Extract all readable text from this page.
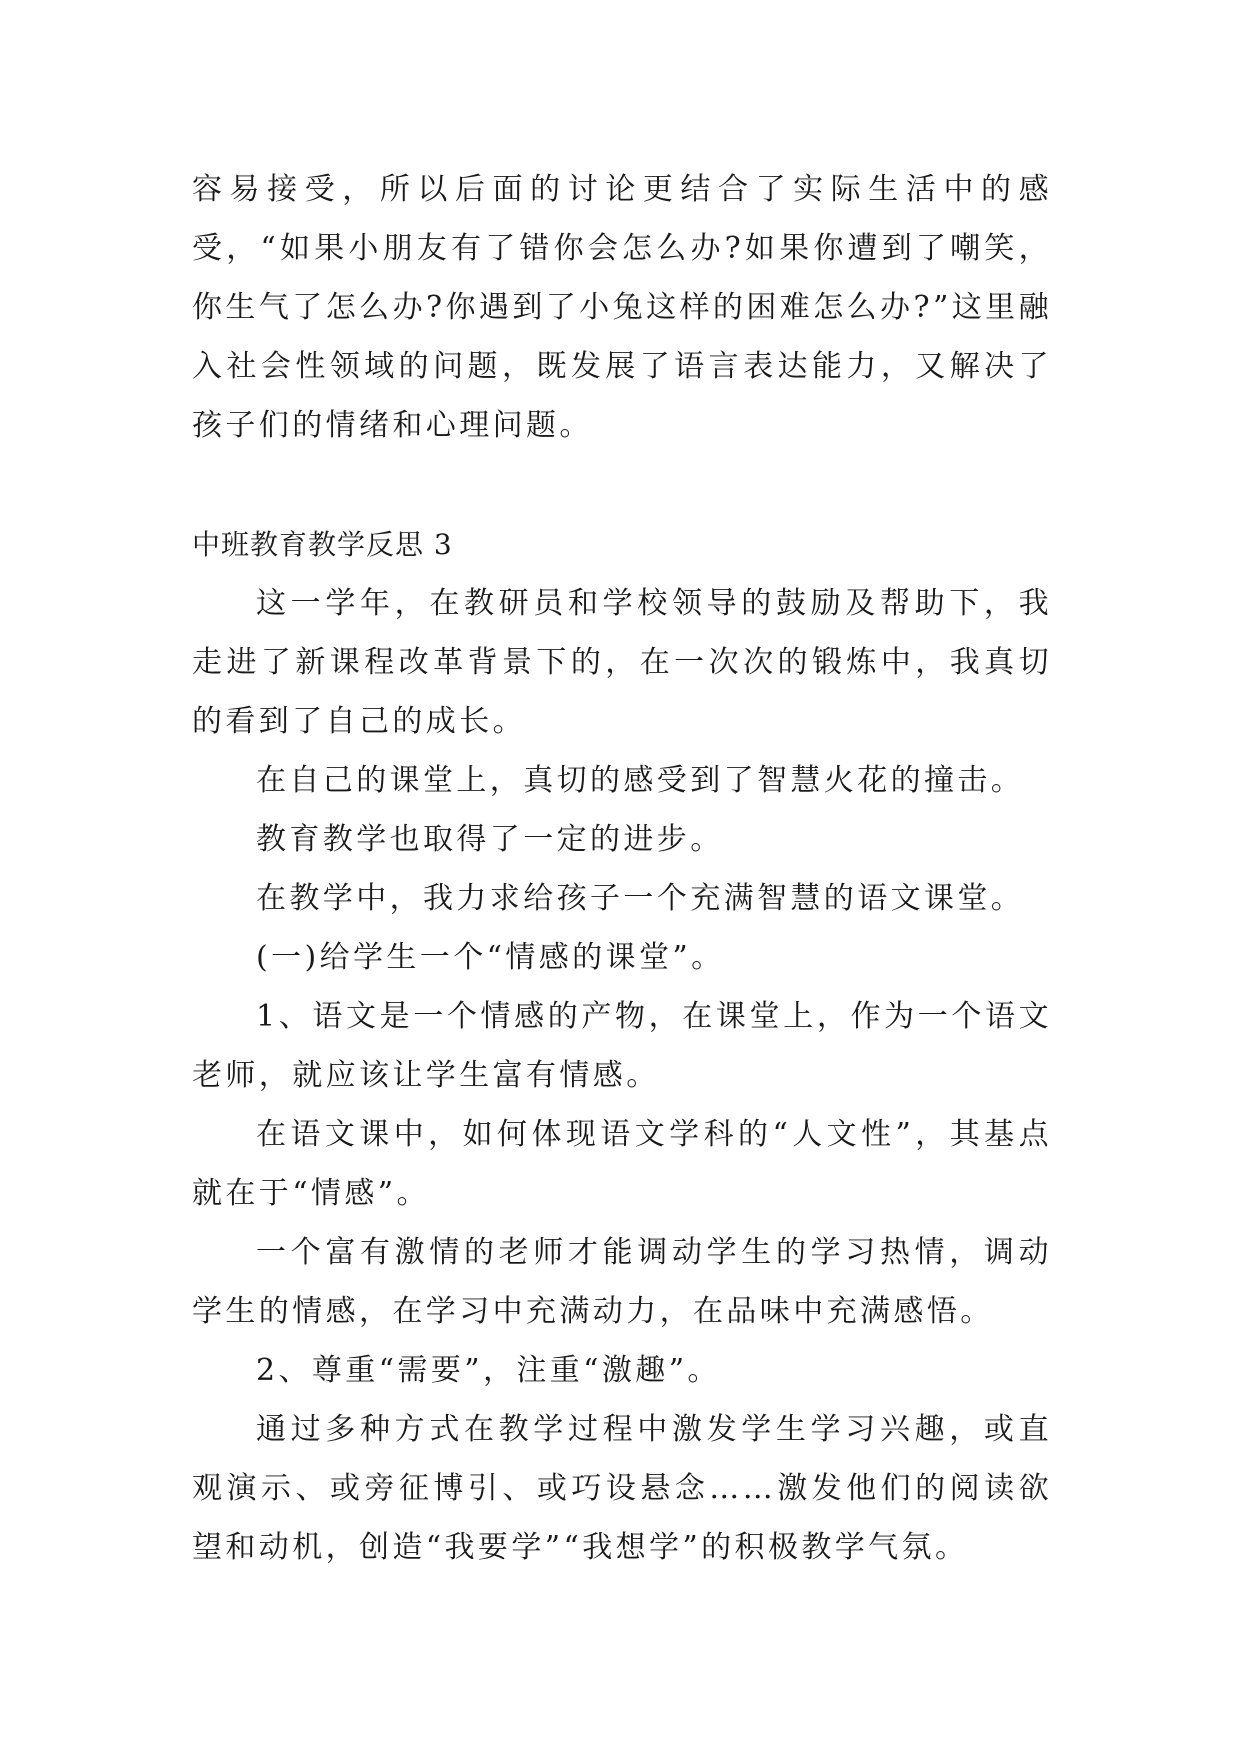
容易接受，所以后面的讨论更结合了实际生活中的感受，“如果小朋友有了错你会怎么办?如果你遭到了嘲笑，你生气了怎么办?你遇到了小兔这样的困难怎么办?”这里融入社会性领域的问题，既发展了语言表达能力，又解决了孩子们的情绪和心理问题。

中班教育教学反思 3

这一学年，在教研员和学校领导的鼓励及帮助下，我走进了新课程改革背景下的，在一次次的锻炼中，我真切的看到了自己的成长。

在自己的课堂上，真切的感受到了智慧火花的撞击。

教育教学也取得了一定的进步。

在教学中，我力求给孩子一个充满智慧的语文课堂。

(一)给学生一个“情感的课堂”。

1、语文是一个情感的产物，在课堂上，作为一个语文老师，就应该让学生富有情感。

在语文课中，如何体现语文学科的“人文性”，其基点就在于“情感”。

一个富有激情的老师才能调动学生的学习热情，调动学生的情感，在学习中充满动力，在品味中充满感悟。

2、尊重“需要”，注重“激趣”。

通过多种方式在教学过程中激发学生学习兴趣，或直观演示、或旁征博引、或巧设悬念……激发他们的阅读欲望和动机，创造“我要学”“我想学”的积极教学气氛。
